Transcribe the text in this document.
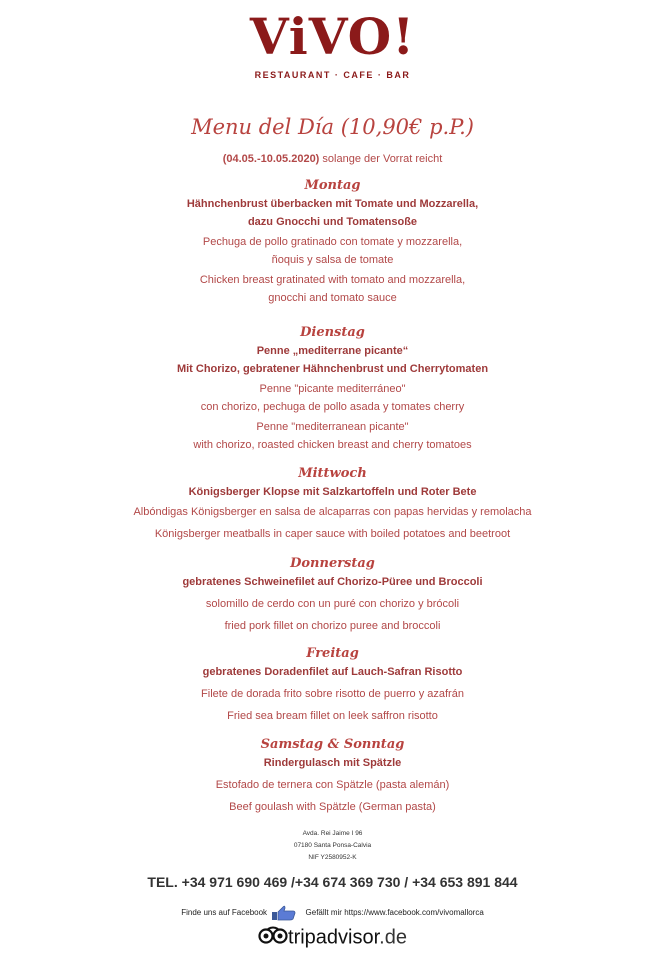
ViVO!
RESTAURANT · CAFE · BAR
Menu del Día (10,90€ p.P.)
(04.05.-10.05.2020) solange der Vorrat reicht
Montag
Hähnchenbrust überbacken mit Tomate und Mozzarella,
dazu Gnocchi und Tomatensoße
Pechuga de pollo gratinado con tomate y mozzarella,
ñoquis y salsa de tomate
Chicken breast gratinated with tomato and mozzarella,
gnocchi and tomato sauce
Dienstag
Penne „mediterrane picante“
Mit Chorizo, gebratener Hähnchenbrust und Cherrytomaten
Penne "picante mediterráneo"
con chorizo, pechuga de pollo asada y tomates cherry
Penne "mediterranean picante"
with chorizo, roasted chicken breast and cherry tomatoes
Mittwoch
Königsberger Klopse mit Salzkartoffeln und Roter Bete
Albóndigas Königsberger en salsa de alcaparras con papas hervidas y remolacha
Königsberger meatballs in caper sauce with boiled potatoes and beetroot
Donnerstag
gebratenes Schweinefilet auf Chorizo-Püree und Broccoli
solomillo de cerdo con un puré con chorizo y brócoli
fried pork fillet on chorizo puree and broccoli
Freitag
gebratenes Doradenfilet auf Lauch-Safran Risotto
Filete de dorada frito sobre risotto de puerro y azafrán
Fried sea bream fillet on leek saffron risotto
Samstag & Sonntag
Rindergulasch mit Spätzle
Estofado de ternera con Spätzle (pasta alemán)
Beef goulash with Spätzle (German pasta)
Avda. Rei Jaime I 96
07180 Santa Ponsa-Calvia
NIF Y2580952-K
TEL. +34 971 690 469 /+34 674 369 730 / +34 653 891 844
Finde uns auf Facebook	Gefällt mir https://www.facebook.com/vivomallorca
tripadvisor.de
